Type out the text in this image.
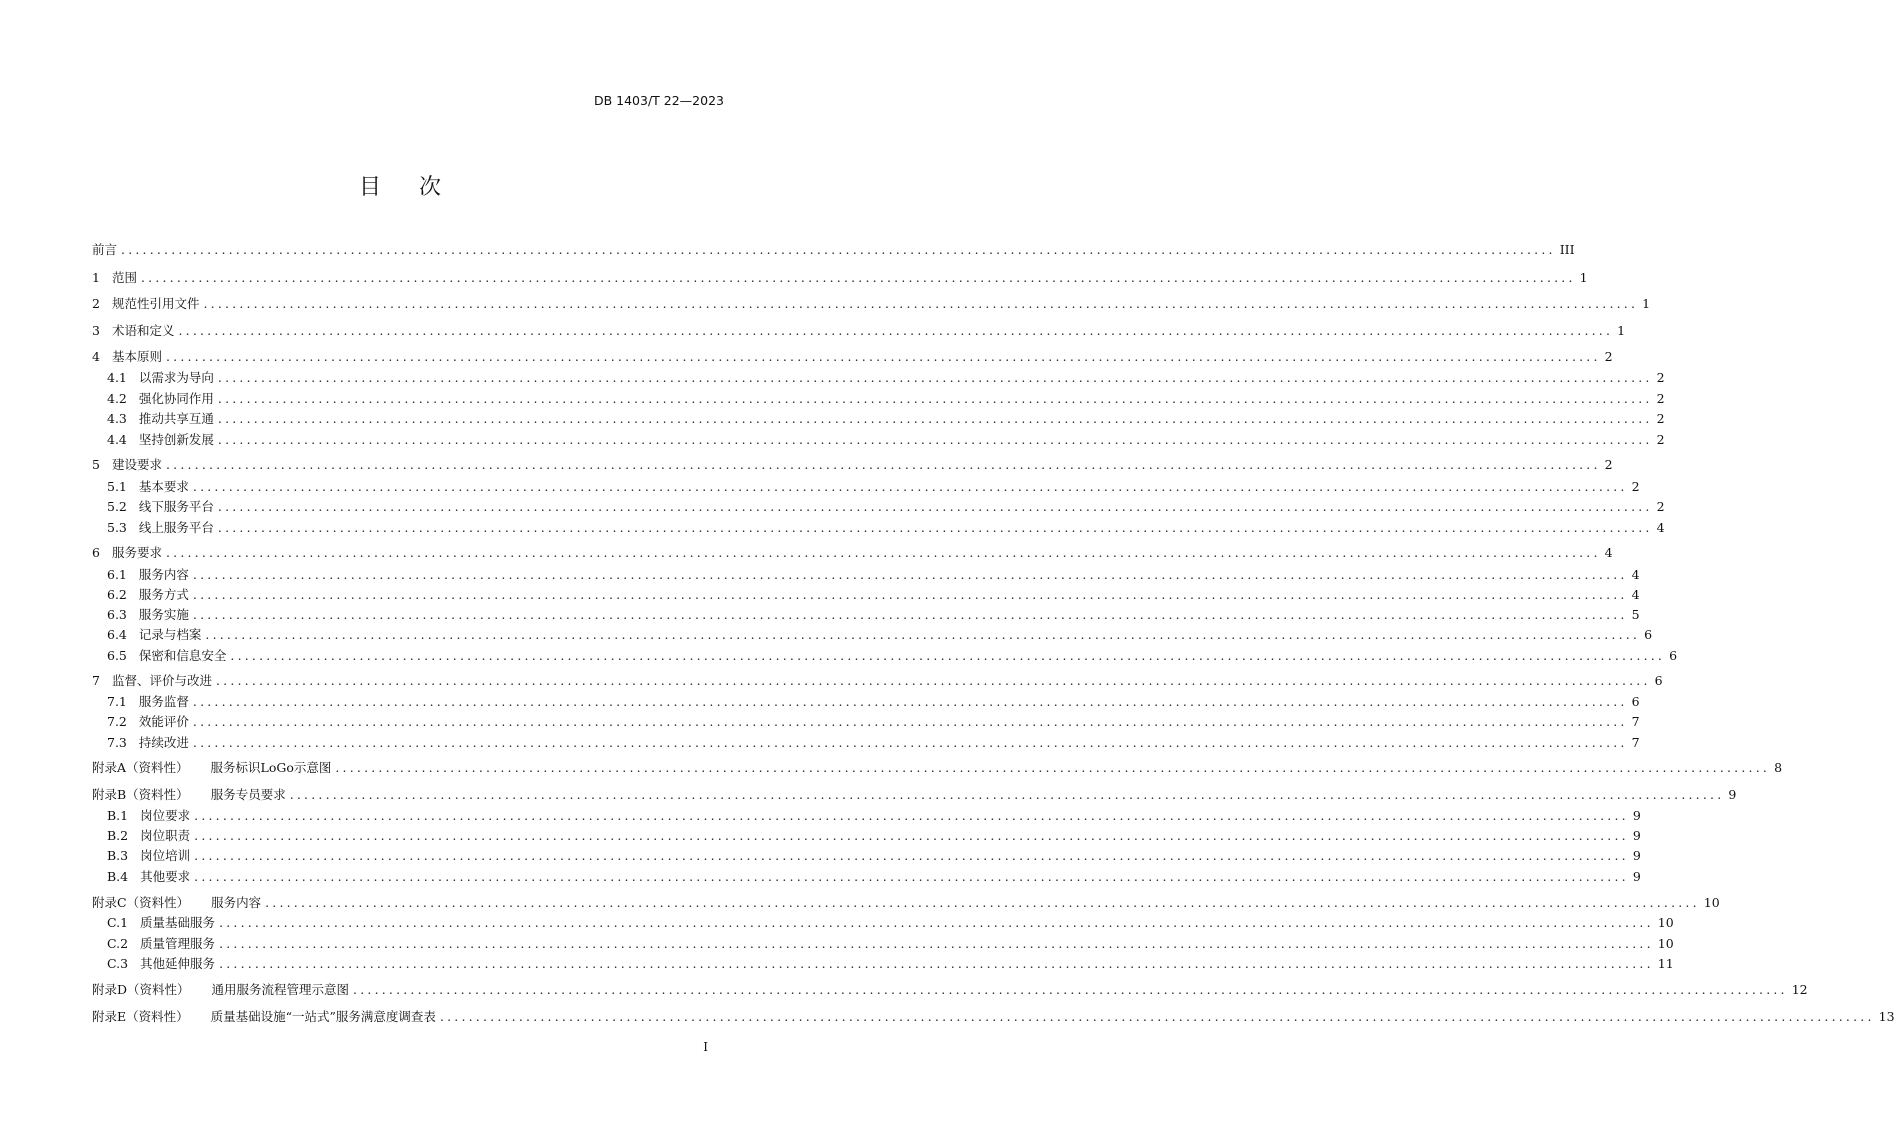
DB 1403/T 22—2023
目次
前言 ........................................................................................................................................................................................................ III
1 范围 ........................................................................................................................................................................................................ 1
2 规范性引用文件 ........................................................................................................................................................................................................ 1
3 术语和定义 ........................................................................................................................................................................................................ 1
4 基本原则 ........................................................................................................................................................................................................ 2
4.1 以需求为导向 ........................................................................................................................................................................................................ 2
4.2 强化协同作用 ........................................................................................................................................................................................................ 2
4.3 推动共享互通 ........................................................................................................................................................................................................ 2
4.4 坚持创新发展 ........................................................................................................................................................................................................ 2
5 建设要求 ........................................................................................................................................................................................................ 2
5.1 基本要求 ........................................................................................................................................................................................................ 2
5.2 线下服务平台 ........................................................................................................................................................................................................ 2
5.3 线上服务平台 ........................................................................................................................................................................................................ 4
6 服务要求 ........................................................................................................................................................................................................ 4
6.1 服务内容 ........................................................................................................................................................................................................ 4
6.2 服务方式 ........................................................................................................................................................................................................ 4
6.3 服务实施 ........................................................................................................................................................................................................ 5
6.4 记录与档案 ........................................................................................................................................................................................................ 6
6.5 保密和信息安全 ........................................................................................................................................................................................................ 6
7 监督、评价与改进 ........................................................................................................................................................................................................ 6
7.1 服务监督 ........................................................................................................................................................................................................ 6
7.2 效能评价 ........................................................................................................................................................................................................ 7
7.3 持续改进 ........................................................................................................................................................................................................ 7
附录A（资料性） 服务标识LoGo示意图 ........................................................................................................................................................................................................ 8
附录B（资料性） 服务专员要求 ........................................................................................................................................................................................................ 9
B.1 岗位要求 ........................................................................................................................................................................................................ 9
B.2 岗位职责 ........................................................................................................................................................................................................ 9
B.3 岗位培训 ........................................................................................................................................................................................................ 9
B.4 其他要求 ........................................................................................................................................................................................................ 9
附录C（资料性） 服务内容 ........................................................................................................................................................................................................ 10
C.1 质量基础服务 ........................................................................................................................................................................................................ 10
C.2 质量管理服务 ........................................................................................................................................................................................................ 10
C.3 其他延伸服务 ........................................................................................................................................................................................................ 11
附录D（资料性） 通用服务流程管理示意图 ........................................................................................................................................................................................................ 12
附录E（资料性） 质量基础设施“一站式”服务满意度调查表 ........................................................................................................................................................................................................ 13
I
